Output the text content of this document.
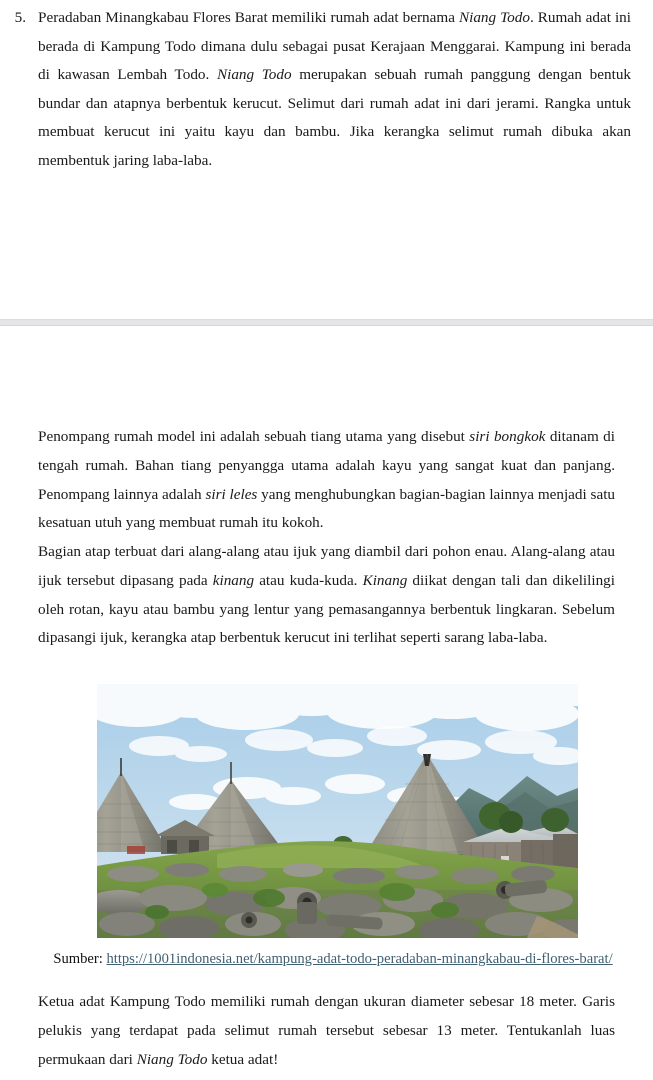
5. Peradaban Minangkabau Flores Barat memiliki rumah adat bernama Niang Todo. Rumah adat ini berada di Kampung Todo dimana dulu sebagai pusat Kerajaan Menggarai. Kampung ini berada di kawasan Lembah Todo. Niang Todo merupakan sebuah rumah panggung dengan bentuk bundar dan atapnya berbentuk kerucut. Selimut dari rumah adat ini dari jerami. Rangka untuk membuat kerucut ini yaitu kayu dan bambu. Jika kerangka selimut rumah dibuka akan membentuk jaring laba-laba.
Penompang rumah model ini adalah sebuah tiang utama yang disebut siri bongkok ditanam di tengah rumah. Bahan tiang penyangga utama adalah kayu yang sangat kuat dan panjang. Penompang lainnya adalah siri leles yang menghubungkan bagian-bagian lainnya menjadi satu kesatuan utuh yang membuat rumah itu kokoh.
Bagian atap terbuat dari alang-alang atau ijuk yang diambil dari pohon enau. Alang-alang atau ijuk tersebut dipasang pada kinang atau kuda-kuda. Kinang diikat dengan tali dan dikelilingi oleh rotan, kayu atau bambu yang lentur yang pemasangannya berbentuk lingkaran. Sebelum dipasangi ijuk, kerangka atap berbentuk kerucut ini terlihat seperti sarang laba-laba.
Sumber: https://1001indonesia.net/kampung-adat-todo-peradaban-minangkabau-di-flores-barat/
Ketua adat Kampung Todo memiliki rumah dengan ukuran diameter sebesar 18 meter. Garis pelukis yang terdapat pada selimut rumah tersebut sebesar 13 meter. Tentukanlah luas permukaan dari Niang Todo ketua adat!
